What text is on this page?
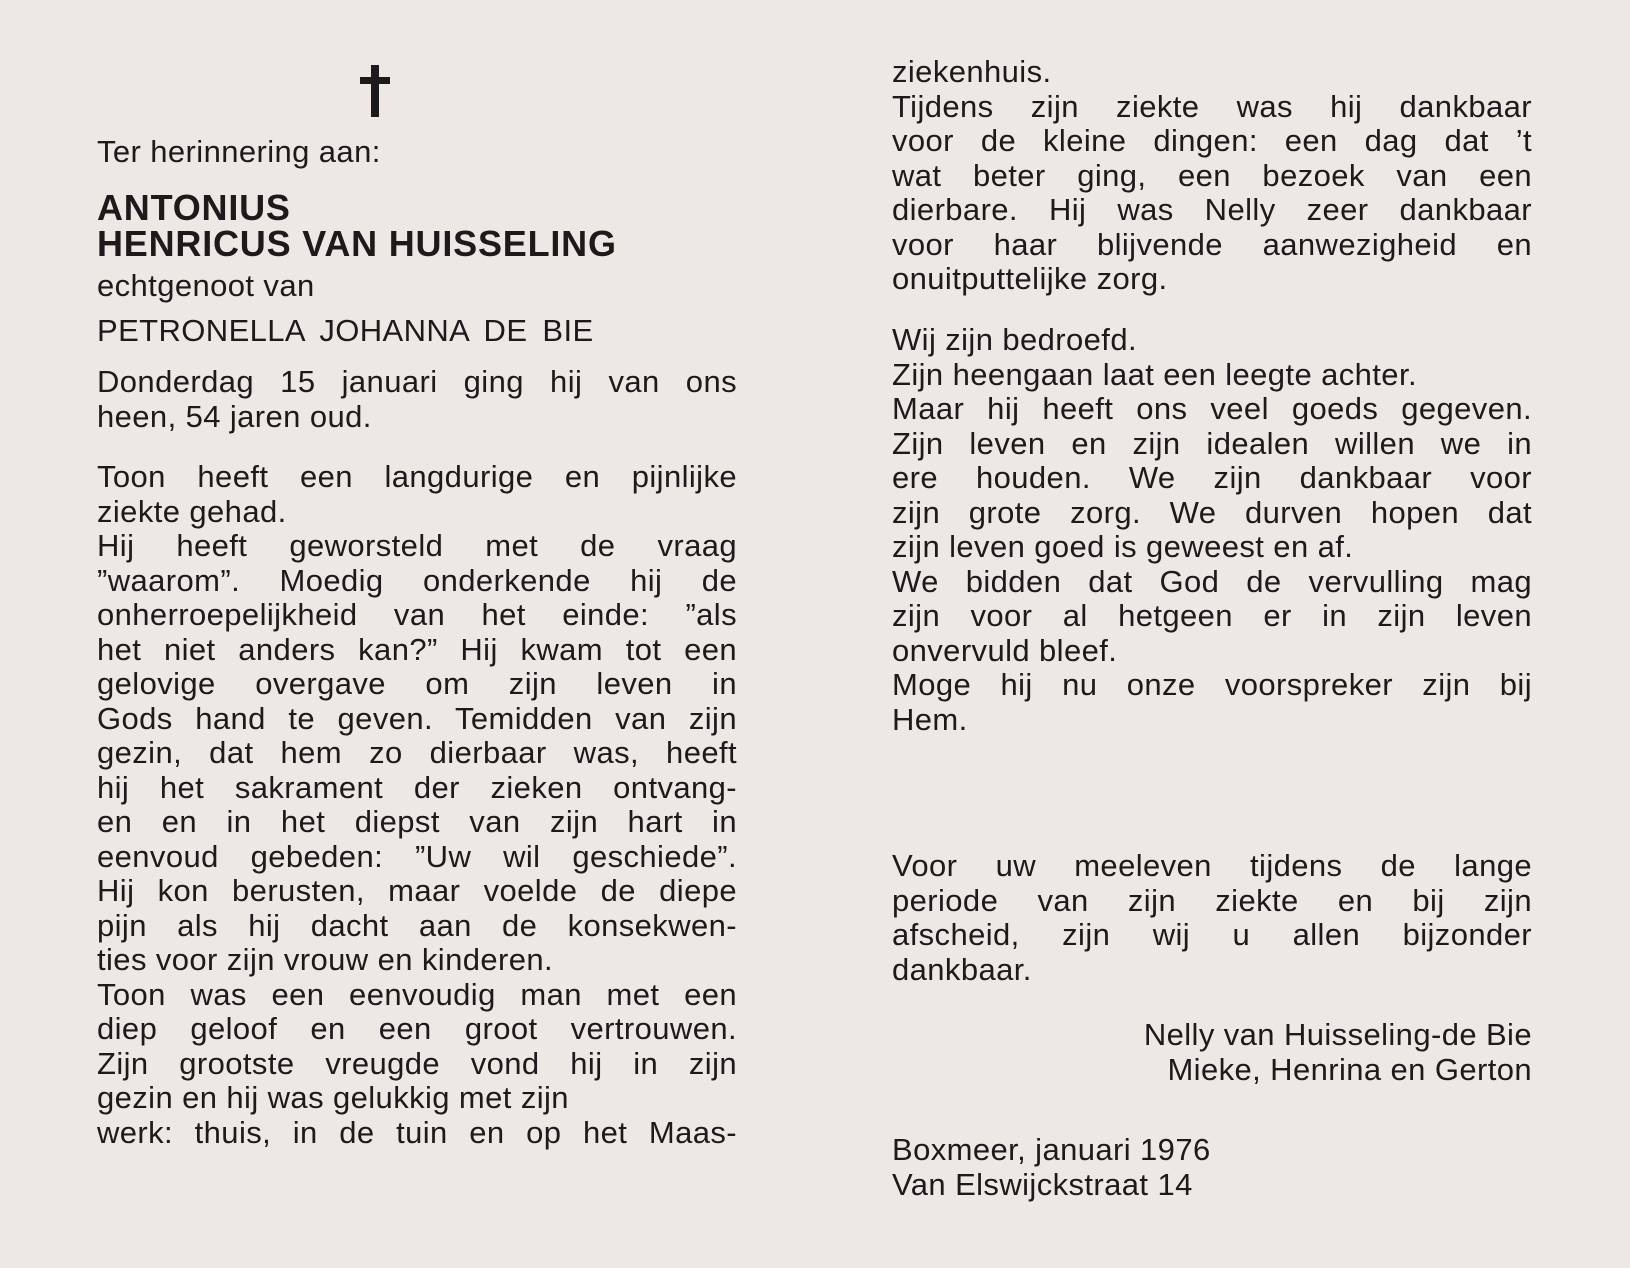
Ter herinnering aan:
ANTONIUS
HENRICUS VAN HUISSELING
echtgenoot van
PETRONELLA JOHANNA DE BIE
Donderdag 15 januari ging hij van ons
heen, 54 jaren oud.
Toon heeft een langdurige en pijnlijke
ziekte gehad.
Hij heeft geworsteld met de vraag
”waarom”. Moedig onderkende hij de
onherroepelijkheid van het einde: ”als
het niet anders kan?” Hij kwam tot een
gelovige overgave om zijn leven in
Gods hand te geven. Temidden van zijn
gezin, dat hem zo dierbaar was, heeft
hij het sakrament der zieken ontvang-
en en in het diepst van zijn hart in
eenvoud gebeden: ”Uw wil geschiede”.
Hij kon berusten, maar voelde de diepe
pijn als hij dacht aan de konsekwen-
ties voor zijn vrouw en kinderen.
Toon was een eenvoudig man met een
diep geloof en een groot vertrouwen.
Zijn grootste vreugde vond hij in zijn
gezin en hij was gelukkig met zijn
werk: thuis, in de tuin en op het Maas-
ziekenhuis.
Tijdens zijn ziekte was hij dankbaar
voor de kleine dingen: een dag dat ’t
wat beter ging, een bezoek van een
dierbare. Hij was Nelly zeer dankbaar
voor haar blijvende aanwezigheid en
onuitputtelijke zorg.
Wij zijn bedroefd.
Zijn heengaan laat een leegte achter.
Maar hij heeft ons veel goeds gegeven.
Zijn leven en zijn idealen willen we in
ere houden. We zijn dankbaar voor
zijn grote zorg. We durven hopen dat
zijn leven goed is geweest en af.
We bidden dat God de vervulling mag
zijn voor al hetgeen er in zijn leven
onvervuld bleef.
Moge hij nu onze voorspreker zijn bij
Hem.
Voor uw meeleven tijdens de lange
periode van zijn ziekte en bij zijn
afscheid, zijn wij u allen bijzonder
dankbaar.
Nelly van Huisseling-de Bie
Mieke, Henrina en Gerton
Boxmeer, januari 1976
Van Elswijckstraat 14
